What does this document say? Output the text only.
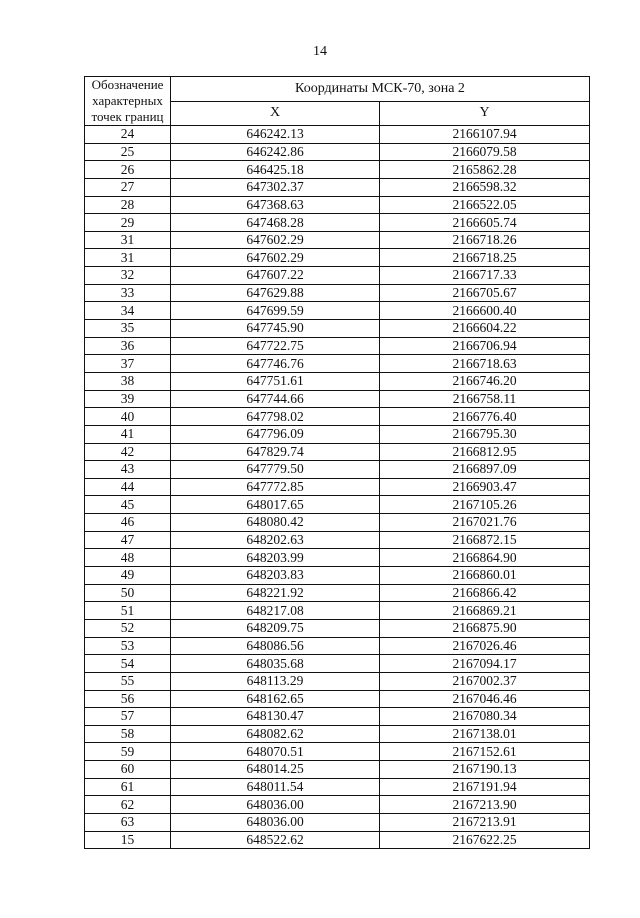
14
Обозначение характерных точек границ	Координаты МСК-70, зона 2	
	X	Y
24	646242.13	2166107.94
25	646242.86	2166079.58
26	646425.18	2165862.28
27	647302.37	2166598.32
28	647368.63	2166522.05
29	647468.28	2166605.74
31	647602.29	2166718.26
31	647602.29	2166718.25
32	647607.22	2166717.33
33	647629.88	2166705.67
34	647699.59	2166600.40
35	647745.90	2166604.22
36	647722.75	2166706.94
37	647746.76	2166718.63
38	647751.61	2166746.20
39	647744.66	2166758.11
40	647798.02	2166776.40
41	647796.09	2166795.30
42	647829.74	2166812.95
43	647779.50	2166897.09
44	647772.85	2166903.47
45	648017.65	2167105.26
46	648080.42	2167021.76
47	648202.63	2166872.15
48	648203.99	2166864.90
49	648203.83	2166860.01
50	648221.92	2166866.42
51	648217.08	2166869.21
52	648209.75	2166875.90
53	648086.56	2167026.46
54	648035.68	2167094.17
55	648113.29	2167002.37
56	648162.65	2167046.46
57	648130.47	2167080.34
58	648082.62	2167138.01
59	648070.51	2167152.61
60	648014.25	2167190.13
61	648011.54	2167191.94
62	648036.00	2167213.90
63	648036.00	2167213.91
15	648522.62	2167622.25
